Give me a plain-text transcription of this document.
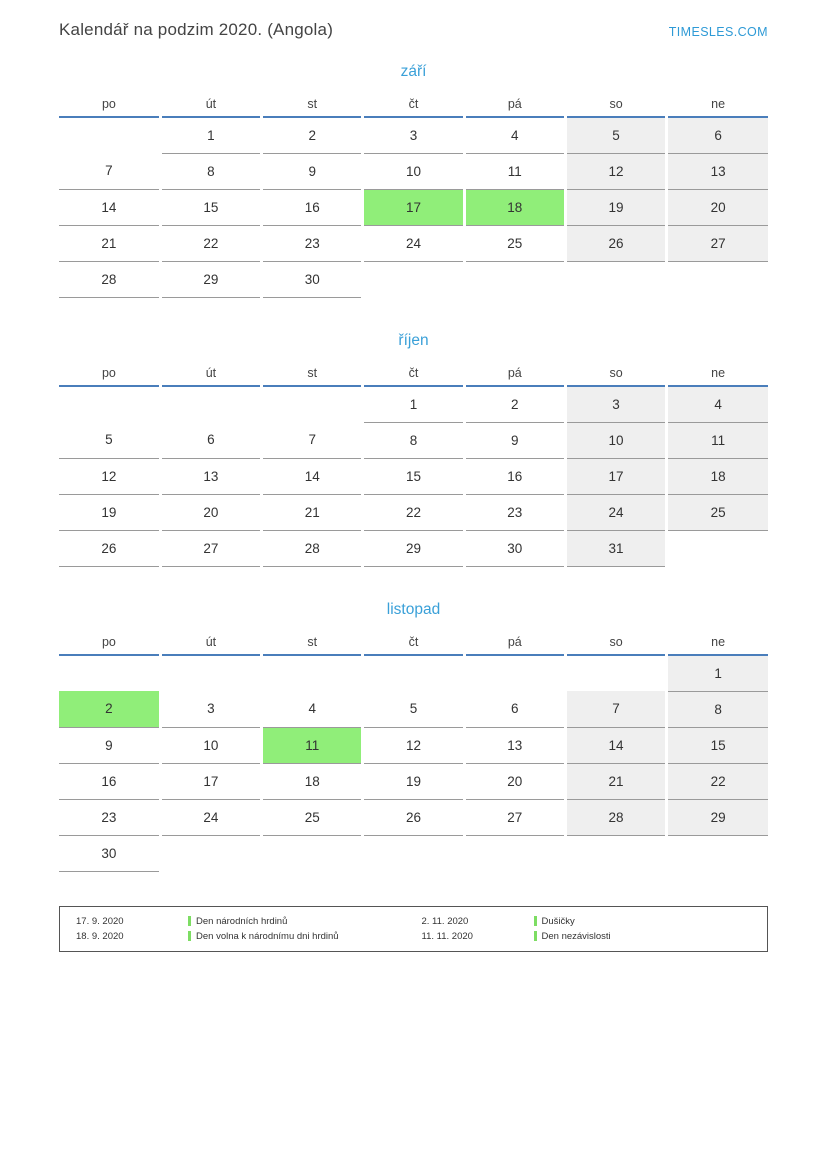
Kalendář na podzim 2020. (Angola)	TIMESLES.COM
září
po	út	st	čt	pá	so	ne
	1	2	3	4	5	6
7	8	9	10	11	12	13
14	15	16	17	18	19	20
21	22	23	24	25	26	27
28	29	30				
říjen
po	út	st	čt	pá	so	ne
			1	2	3	4
5	6	7	8	9	10	11
12	13	14	15	16	17	18
19	20	21	22	23	24	25
26	27	28	29	30	31	
listopad
po	út	st	čt	pá	so	ne
						1
2	3	4	5	6	7	8
9	10	11	12	13	14	15
16	17	18	19	20	21	22
23	24	25	26	27	28	29
30						
17. 9. 2020	Den národních hrdinů	2. 11. 2020	Dušičky
18. 9. 2020	Den volna k národnímu dni hrdinů	11. 11. 2020	Den nezávislosti
